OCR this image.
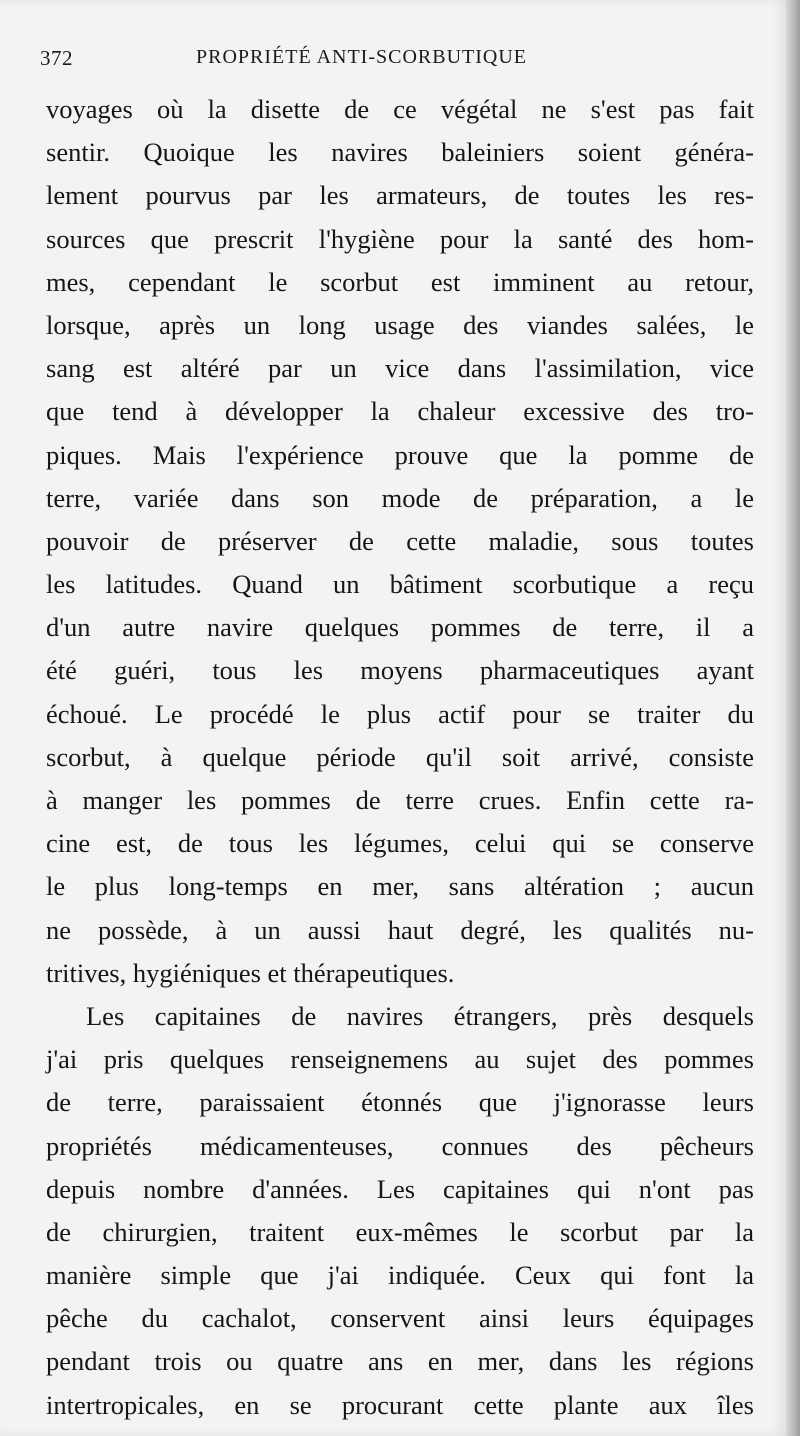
372	PROPRIÉTÉ ANTI-SCORBUTIQUE
voyages où la disette de ce végétal ne s'est pas fait
sentir. Quoique les navires baleiniers soient généra-
lement pourvus par les armateurs, de toutes les res-
sources que prescrit l'hygiène pour la santé des hom-
mes, cependant le scorbut est imminent au retour,
lorsque, après un long usage des viandes salées, le
sang est altéré par un vice dans l'assimilation, vice
que tend à développer la chaleur excessive des tro-
piques. Mais l'expérience prouve que la pomme de
terre, variée dans son mode de préparation, a le
pouvoir de préserver de cette maladie, sous toutes
les latitudes. Quand un bâtiment scorbutique a reçu
d'un autre navire quelques pommes de terre, il a
été guéri, tous les moyens pharmaceutiques ayant
échoué. Le procédé le plus actif pour se traiter du
scorbut, à quelque période qu'il soit arrivé, consiste
à manger les pommes de terre crues. Enfin cette ra-
cine est, de tous les légumes, celui qui se conserve
le plus long-temps en mer, sans altération ; aucun
ne possède, à un aussi haut degré, les qualités nu-
tritives, hygiéniques et thérapeutiques.
Les capitaines de navires étrangers, près desquels
j'ai pris quelques renseignemens au sujet des pommes
de terre, paraissaient étonnés que j'ignorasse leurs
propriétés médicamenteuses, connues des pêcheurs
depuis nombre d'années. Les capitaines qui n'ont pas
de chirurgien, traitent eux-mêmes le scorbut par la
manière simple que j'ai indiquée. Ceux qui font la
pêche du cachalot, conservent ainsi leurs équipages
pendant trois ou quatre ans en mer, dans les régions
intertropicales, en se procurant cette plante aux îles
